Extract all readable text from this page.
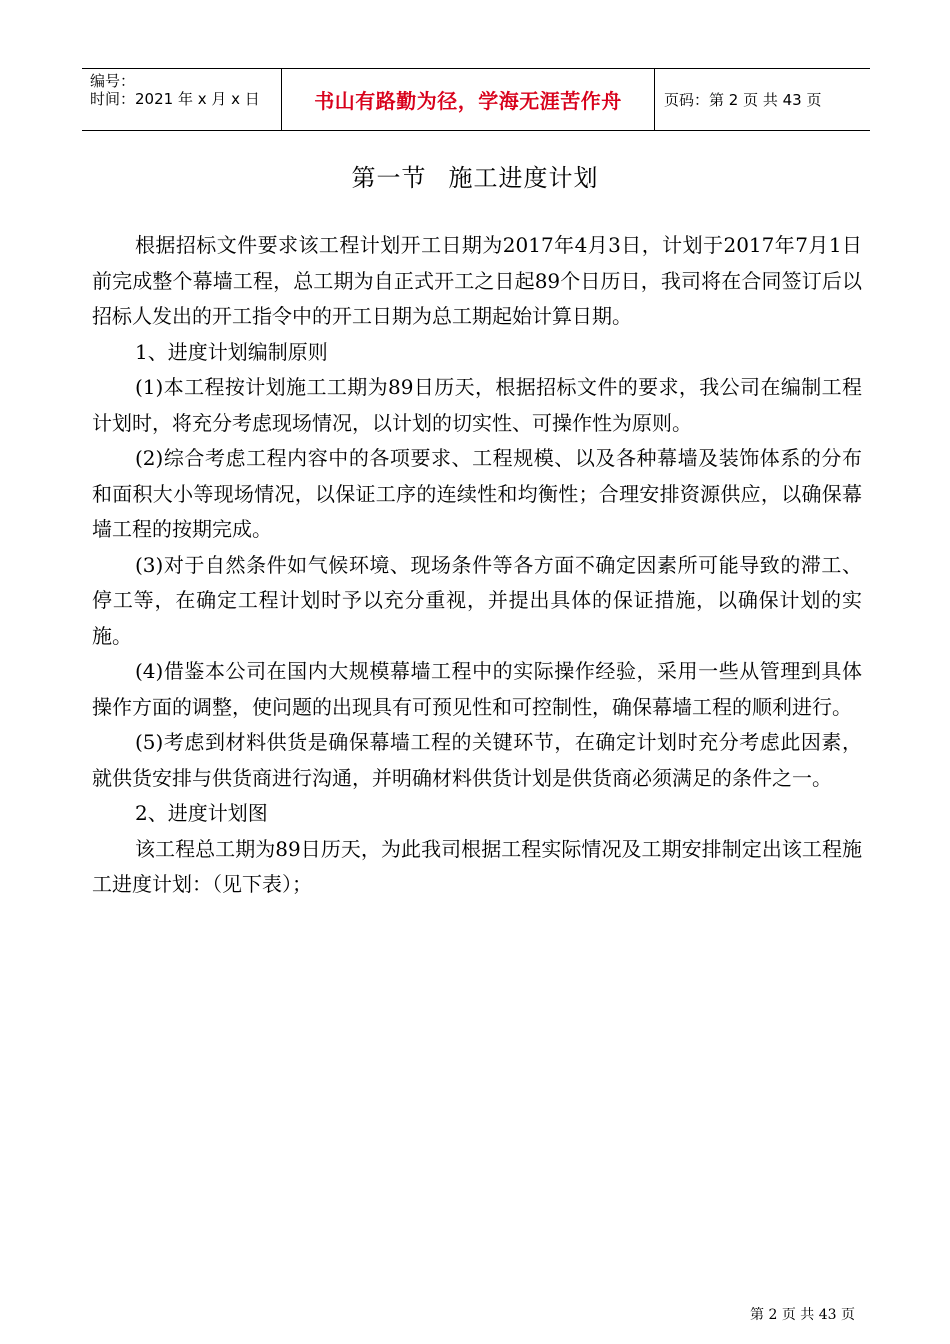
编号：
时间：2021 年 x 月 x 日	书山有路勤为径，学海无涯苦作舟	页码：第 2 页 共 43 页
第一节 施工进度计划

根据招标文件要求该工程计划开工日期为2017年4月3日，计划于2017年7月1日前完成整个幕墙工程，总工期为自正式开工之日起89个日历日，我司将在合同签订后以招标人发出的开工指令中的开工日期为总工期起始计算日期。

1、进度计划编制原则

(1)本工程按计划施工工期为89日历天，根据招标文件的要求，我公司在编制工程计划时，将充分考虑现场情况，以计划的切实性、可操作性为原则。

(2)综合考虑工程内容中的各项要求、工程规模、以及各种幕墙及装饰体系的分布和面积大小等现场情况，以保证工序的连续性和均衡性；合理安排资源供应，以确保幕墙工程的按期完成。

(3)对于自然条件如气候环境、现场条件等各方面不确定因素所可能导致的滞工、停工等，在确定工程计划时予以充分重视，并提出具体的保证措施，以确保计划的实施。

(4)借鉴本公司在国内大规模幕墙工程中的实际操作经验，采用一些从管理到具体操作方面的调整，使问题的出现具有可预见性和可控制性，确保幕墙工程的顺利进行。

(5)考虑到材料供货是确保幕墙工程的关键环节，在确定计划时充分考虑此因素，就供货安排与供货商进行沟通，并明确材料供货计划是供货商必须满足的条件之一。

2、进度计划图

该工程总工期为89日历天，为此我司根据工程实际情况及工期安排制定出该工程施工进度计划：（见下表）；

第 2 页 共 43 页
